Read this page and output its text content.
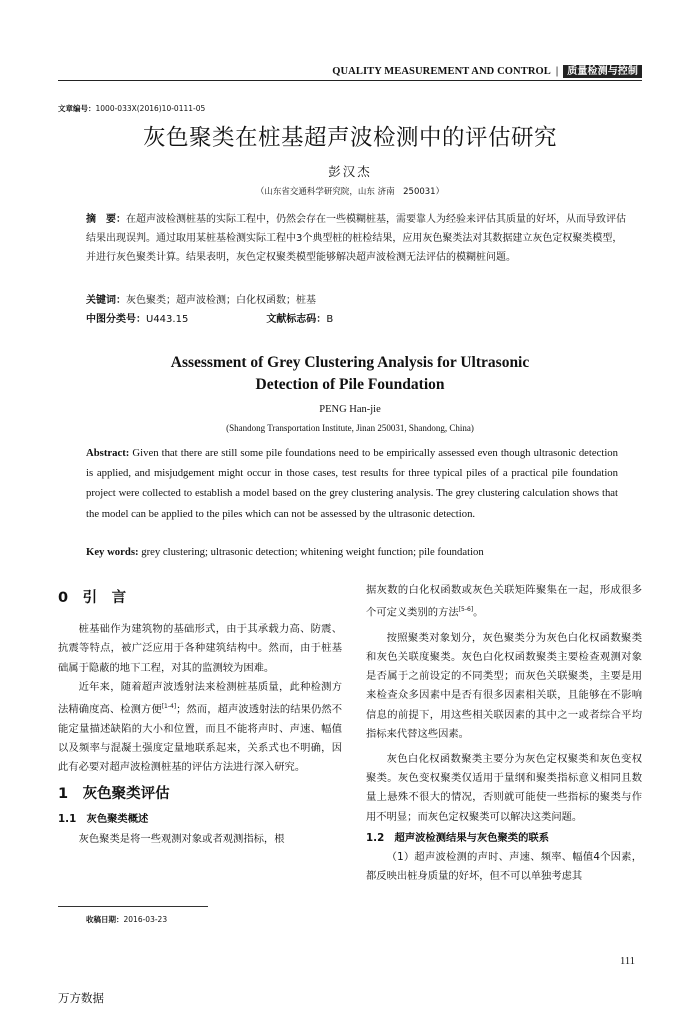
QUALITY MEASUREMENT AND CONTROL | 质量检测与控制
文章编号：1000-033X(2016)10-0111-05
灰色聚类在桩基超声波检测中的评估研究
彭汉杰
（山东省交通科学研究院，山东 济南　250031）
摘　要：在超声波检测桩基的实际工程中，仍然会存在一些模糊桩基，需要靠人为经验来评估其质量的好坏，从而导致评估结果出现误判。通过取用某桩基检测实际工程中3个典型桩的桩检结果，应用灰色聚类法对其数据建立灰色定权聚类模型，并进行灰色聚类计算。结果表明，灰色定权聚类模型能够解决超声波检测无法评估的模糊桩问题。
关键词：灰色聚类；超声波检测；白化权函数；桩基
中图分类号：U443.15	文献标志码：B
Assessment of Grey Clustering Analysis for Ultrasonic
Detection of Pile Foundation
PENG Han-jie
(Shandong Transportation Institute, Jinan 250031, Shandong, China)
Abstract: Given that there are still some pile foundations need to be empirically assessed even though ultrasonic detection is applied, and misjudgement might occur in those cases, test results for three typical piles of a practical pile foundation project were collected to establish a model based on the grey clustering analysis. The grey clustering calculation shows that the model can be applied to the piles which can not be assessed by the ultrasonic detection.
Key words: grey clustering; ultrasonic detection; whitening weight function; pile foundation
0　引　言

桩基础作为建筑物的基础形式，由于其承载力高、防震、抗震等特点，被广泛应用于各种建筑结构中。然而，由于桩基础属于隐蔽的地下工程，对其的监测较为困难。

近年来，随着超声波透射法来检测桩基质量，此种检测方法精确度高、检测方便[1-4]；然而，超声波透射法的结果仍然不能定量描述缺陷的大小和位置，而且不能将声时、声速、幅值以及频率与混凝土强度定量地联系起来，关系式也不明确，因此有必要对超声波检测桩基的评估方法进行深入研究。

1　灰色聚类评估
1.1　灰色聚类概述

灰色聚类是将一些观测对象或者观测指标，根

据灰数的白化权函数或灰色关联矩阵聚集在一起，形成很多个可定义类别的方法[5-6]。

按照聚类对象划分，灰色聚类分为灰色白化权函数聚类和灰色关联度聚类。灰色白化权函数聚类主要检查观测对象是否属于之前设定的不同类型；而灰色关联聚类，主要是用来检查众多因素中是否有很多因素相关联，且能够在不影响信息的前提下，用这些相关联因素的其中之一或者综合平均指标来代替这些因素。

灰色白化权函数聚类主要分为灰色定权聚类和灰色变权聚类。灰色变权聚类仅适用于量纲和聚类指标意义相同且数量上悬殊不很大的情况，否则就可能使一些指标的聚类与作用不明显；而灰色定权聚类可以解决这类问题。

1.2　超声波检测结果与灰色聚类的联系

（1）超声波检测的声时、声速、频率、幅值4个因素，都反映出桩身质量的好坏，但不可以单独考虑其

收稿日期：2016-03-23
111
万方数据
